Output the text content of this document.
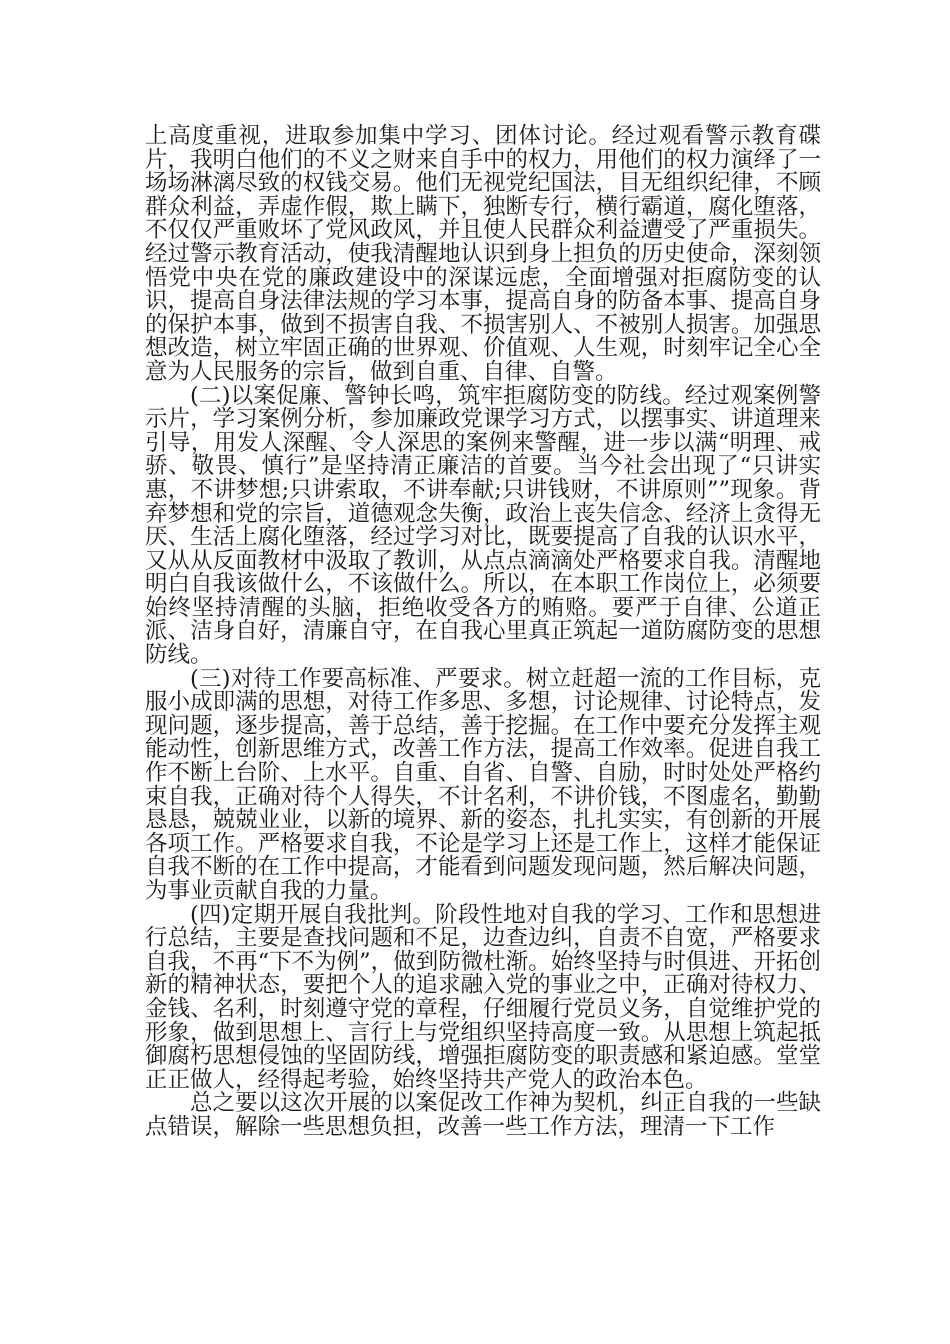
上高度重视，进取参加集中学习、团体讨论。经过观看警示教育碟片，我明白他们的不义之财来自手中的权力，用他们的权力演绎了一场场淋漓尽致的权钱交易。他们无视党纪国法，目无组织纪律，不顾群众利益，弄虚作假，欺上瞒下，独断专行，横行霸道，腐化堕落，不仅仅严重败坏了党风政风，并且使人民群众利益遭受了严重损失。经过警示教育活动，使我清醒地认识到身上担负的历史使命，深刻领悟党中央在党的廉政建设中的深谋远虑，全面增强对拒腐防变的认识，提高自身法律法规的学习本事，提高自身的防备本事、提高自身的保护本事，做到不损害自我、不损害别人、不被别人损害。加强思想改造，树立牢固正确的世界观、价值观、人生观，时刻牢记全心全意为人民服务的宗旨，做到自重、自律、自警。

(二)以案促廉、警钟长鸣，筑牢拒腐防变的防线。经过观案例警示片，学习案例分析，参加廉政党课学习方式，以摆事实、讲道理来引导，用发人深醒、令人深思的案例来警醒，进一步以满“明理、戒骄、敬畏、慎行”是坚持清正廉洁的首要。当今社会出现了“只讲实惠，不讲梦想;只讲索取，不讲奉献;只讲钱财，不讲原则””现象。背弃梦想和党的宗旨，道德观念失衡，政治上丧失信念、经济上贪得无厌、生活上腐化堕落，经过学习对比，既要提高了自我的认识水平，又从从反面教材中汲取了教训，从点点滴滴处严格要求自我。清醒地明白自我该做什么，不该做什么。所以，在本职工作岗位上，必须要始终坚持清醒的头脑，拒绝收受各方的贿赂。要严于自律、公道正派、洁身自好，清廉自守，在自我心里真正筑起一道防腐防变的思想防线。

(三)对待工作要高标准、严要求。树立赶超一流的工作目标，克服小成即满的思想，对待工作多思、多想，讨论规律、讨论特点，发现问题，逐步提高，善于总结，善于挖掘。在工作中要充分发挥主观能动性，创新思维方式，改善工作方法，提高工作效率。促进自我工作不断上台阶、上水平。自重、自省、自警、自励，时时处处严格约束自我，正确对待个人得失，不计名利，不讲价钱，不图虚名，勤勤恳恳，兢兢业业，以新的境界、新的姿态，扎扎实实，有创新的开展各项工作。严格要求自我，不论是学习上还是工作上，这样才能保证自我不断的在工作中提高，才能看到问题发现问题，然后解决问题，为事业贡献自我的力量。

(四)定期开展自我批判。阶段性地对自我的学习、工作和思想进行总结，主要是查找问题和不足，边查边纠，自责不自宽，严格要求自我，不再“下不为例”，做到防微杜渐。始终坚持与时俱进、开拓创新的精神状态，要把个人的追求融入党的事业之中，正确对待权力、金钱、名利，时刻遵守党的章程，仔细履行党员义务，自觉维护党的形象，做到思想上、言行上与党组织坚持高度一致。从思想上筑起抵御腐朽思想侵蚀的坚固防线，增强拒腐防变的职责感和紧迫感。堂堂正正做人，经得起考验，始终坚持共产党人的政治本色。

总之要以这次开展的以案促改工作神为契机，纠正自我的一些缺点错误，解除一些思想负担，改善一些工作方法，理清一下工作
